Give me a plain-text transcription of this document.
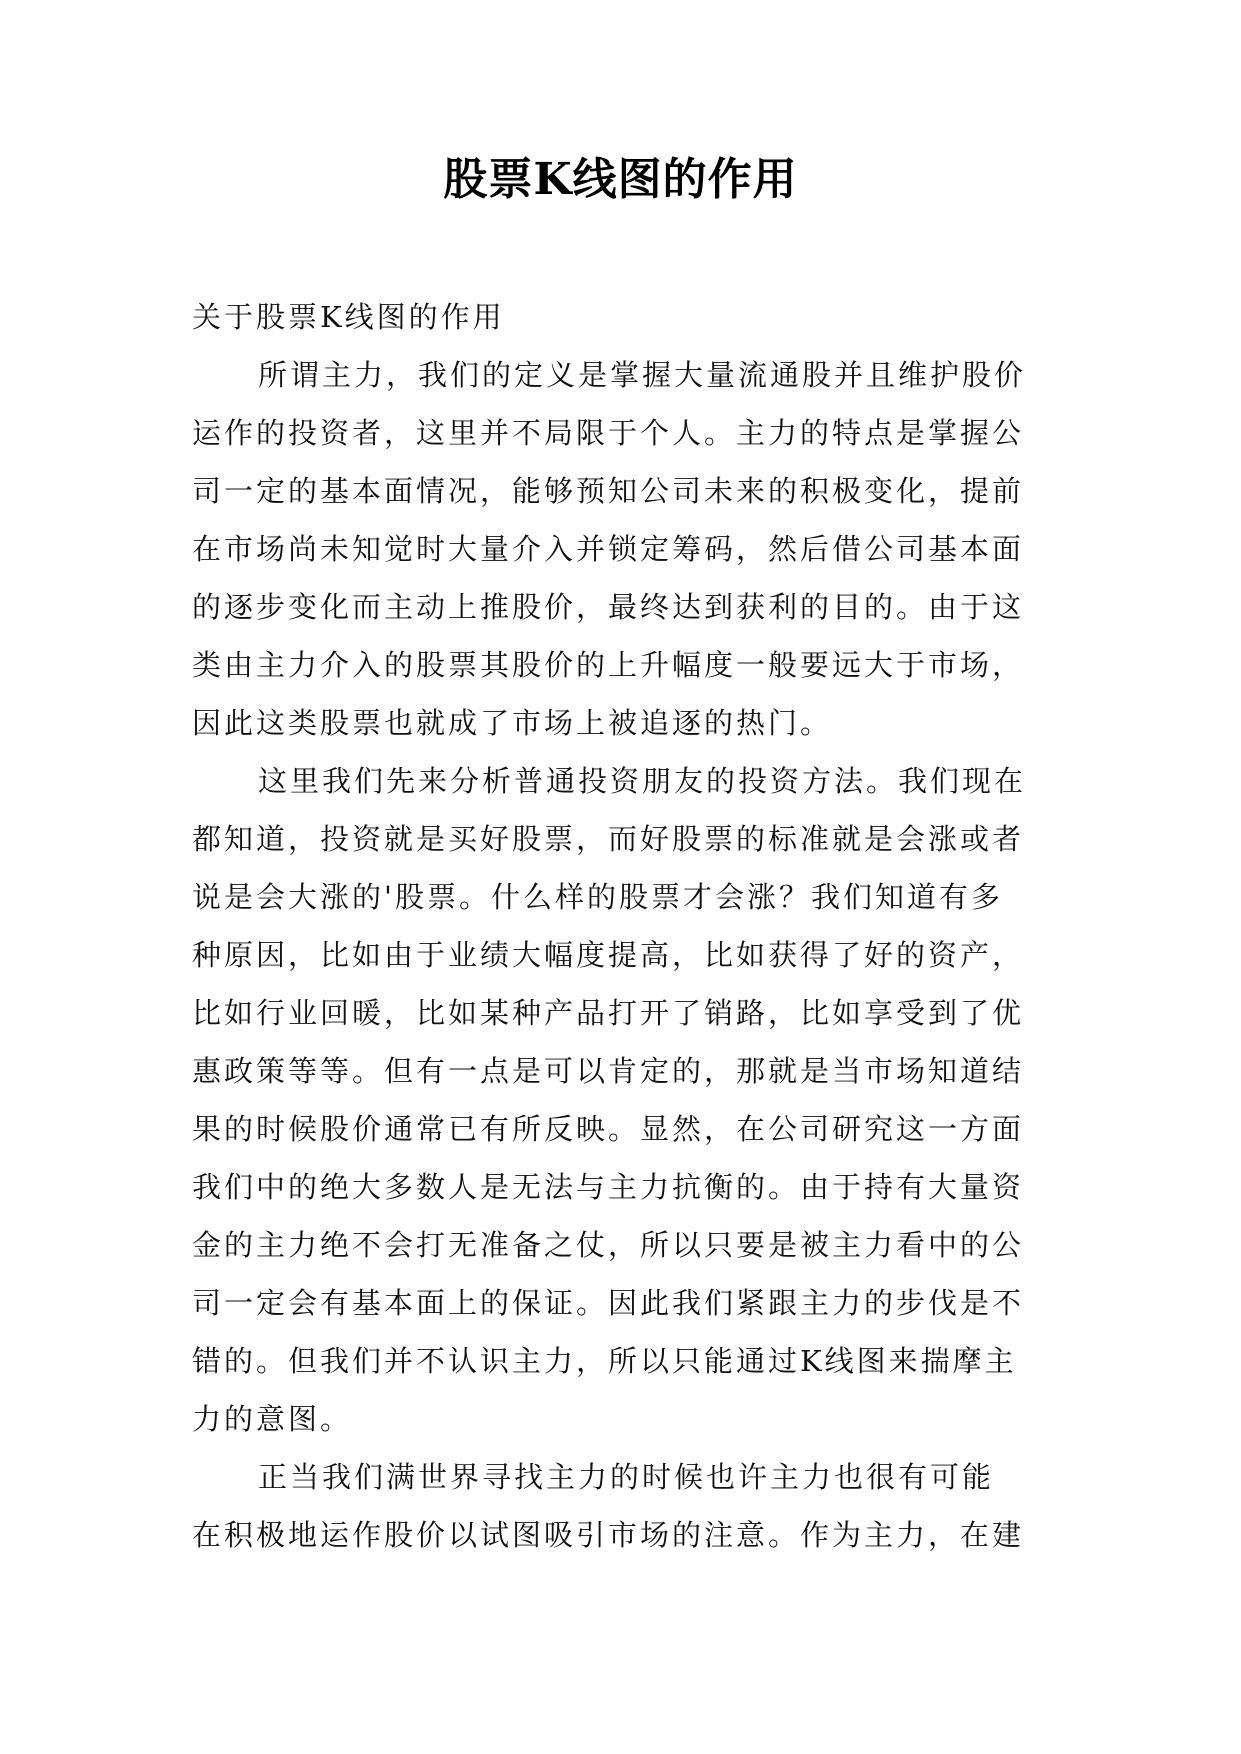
股票K线图的作用
关于股票K线图的作用
所谓主力，我们的定义是掌握大量流通股并且维护股价
运作的投资者，这里并不局限于个人。主力的特点是掌握公
司一定的基本面情况，能够预知公司未来的积极变化，提前
在市场尚未知觉时大量介入并锁定筹码，然后借公司基本面
的逐步变化而主动上推股价，最终达到获利的目的。由于这
类由主力介入的股票其股价的上升幅度一般要远大于市场，
因此这类股票也就成了市场上被追逐的热门。
这里我们先来分析普通投资朋友的投资方法。我们现在
都知道，投资就是买好股票，而好股票的标准就是会涨或者
说是会大涨的'股票。什么样的股票才会涨？我们知道有多
种原因，比如由于业绩大幅度提高，比如获得了好的资产，
比如行业回暖，比如某种产品打开了销路，比如享受到了优
惠政策等等。但有一点是可以肯定的，那就是当市场知道结
果的时候股价通常已有所反映。显然，在公司研究这一方面
我们中的绝大多数人是无法与主力抗衡的。由于持有大量资
金的主力绝不会打无准备之仗，所以只要是被主力看中的公
司一定会有基本面上的保证。因此我们紧跟主力的步伐是不
错的。但我们并不认识主力，所以只能通过K线图来揣摩主
力的意图。
正当我们满世界寻找主力的时候也许主力也很有可能
在积极地运作股价以试图吸引市场的注意。作为主力，在建
